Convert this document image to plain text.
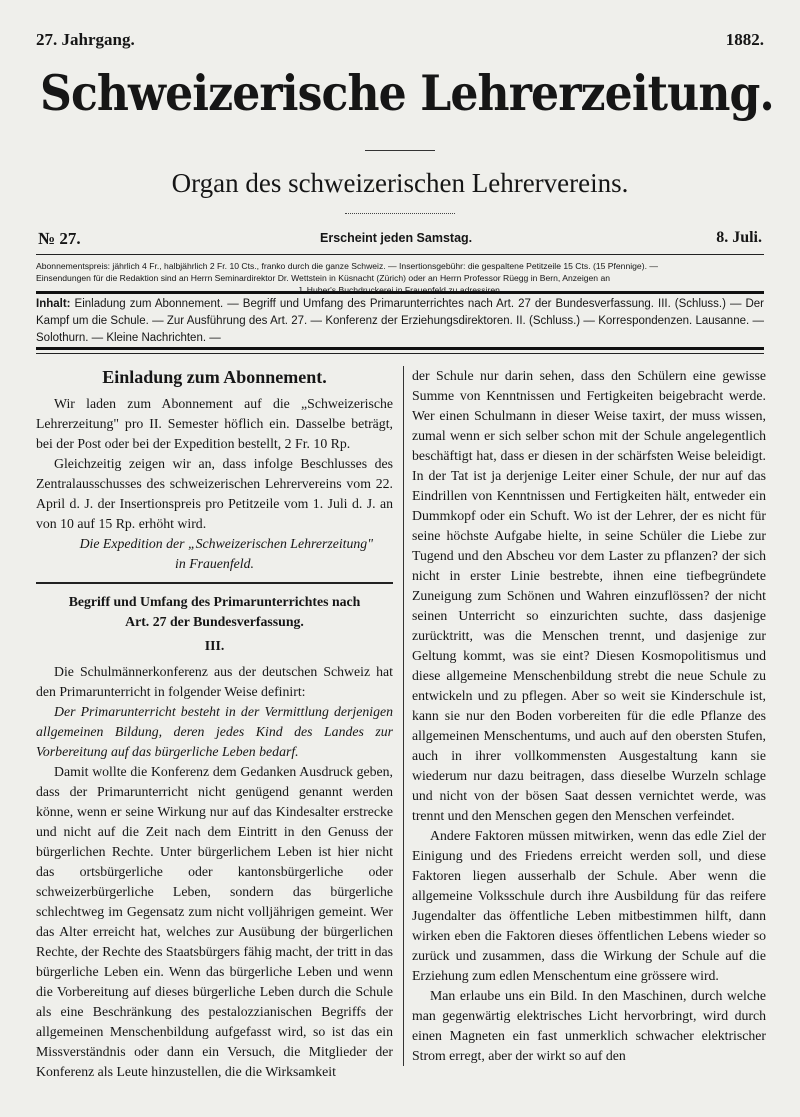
27. Jahrgang.	1882.
Schweizerische Lehrerzeitung.
Organ des schweizerischen Lehrervereins.
№ 27.	Erscheint jeden Samstag.	8. Juli.

Abonnementspreis: jährlich 4 Fr., halbjährlich 2 Fr. 10 Cts., franko durch die ganze Schweiz. — Insertionsgebühr: die gespaltene Petitzeile 15 Cts. (15 Pfennige). —

Einsendungen für die Redaktion sind an Herrn Seminardirektor Dr. Wettstein in Küsnacht (Zürich) oder an Herrn Professor Rüegg in Bern, Anzeigen an

J. Huber's Buchdruckerei in Frauenfeld zu adressiren.

Inhalt: Einladung zum Abonnement. — Begriff und Umfang des Primarunterrichtes nach Art. 27 der Bundesverfassung. III. (Schluss.) — Der Kampf um die Schule. — Zur Ausführung des Art. 27. — Konferenz der Erziehungsdirektoren. II. (Schluss.) — Korrespondenzen. Lausanne. — Solothurn. — Kleine Nachrichten. —
Einladung zum Abonnement.

Wir laden zum Abonnement auf die „Schweizerische Lehrerzeitung" pro II. Semester höflich ein. Dasselbe beträgt, bei der Post oder bei der Expedition bestellt, 2 Fr. 10 Rp.

Gleichzeitig zeigen wir an, dass infolge Beschlusses des Zentralausschusses des schweizerischen Lehrervereins vom 22. April d. J. der Insertionspreis pro Petitzeile vom 1. Juli d. J. an von 10 auf 15 Rp. erhöht wird.

Die Expedition der „Schweizerischen Lehrerzeitung"

in Frauenfeld.

Begriff und Umfang des Primarunterrichtes nach
Art. 27 der Bundesverfassung.
III.

Die Schulmännerkonferenz aus der deutschen Schweiz hat den Primarunterricht in folgender Weise definirt:

Der Primarunterricht besteht in der Vermittlung derjenigen allgemeinen Bildung, deren jedes Kind des Landes zur Vorbereitung auf das bürgerliche Leben bedarf.

Damit wollte die Konferenz dem Gedanken Ausdruck geben, dass der Primarunterricht nicht genügend genannt werden könne, wenn er seine Wirkung nur auf das Kindesalter erstrecke und nicht auf die Zeit nach dem Eintritt in den Genuss der bürgerlichen Rechte. Unter bürgerlichem Leben ist hier nicht das ortsbürgerliche oder kantonsbürgerliche oder schweizerbürgerliche Leben, sondern das bürgerliche schlechtweg im Gegensatz zum nicht volljährigen gemeint. Wer das Alter erreicht hat, welches zur Ausübung der bürgerlichen Rechte, der Rechte des Staatsbürgers fähig macht, der tritt in das bürgerliche Leben ein. Wenn das bürgerliche Leben und wenn die Vorbereitung auf dieses bürgerliche Leben durch die Schule als eine Beschränkung des pestalozzianischen Begriffs der allgemeinen Menschenbildung aufgefasst wird, so ist das ein Missverständnis oder dann ein Versuch, die Mitglieder der Konferenz als Leute hinzustellen, die die Wirksamkeit

der Schule nur darin sehen, dass den Schülern eine gewisse Summe von Kenntnissen und Fertigkeiten beigebracht werde. Wer einen Schulmann in dieser Weise taxirt, der muss wissen, zumal wenn er sich selber schon mit der Schule angelegentlich beschäftigt hat, dass er diesen in der schärfsten Weise beleidigt. In der Tat ist ja derjenige Leiter einer Schule, der nur auf das Eindrillen von Kenntnissen und Fertigkeiten hält, entweder ein Dummkopf oder ein Schuft. Wo ist der Lehrer, der es nicht für seine höchste Aufgabe hielte, in seine Schüler die Liebe zur Tugend und den Abscheu vor dem Laster zu pflanzen? der sich nicht in erster Linie bestrebte, ihnen eine tiefbegründete Zuneigung zum Schönen und Wahren einzuflössen? der nicht seinen Unterricht so einzurichten suchte, dass dasjenige zurücktritt, was die Menschen trennt, und dasjenige zur Geltung kommt, was sie eint? Diesen Kosmopolitismus und diese allgemeine Menschenbildung strebt die neue Schule zu entwickeln und zu pflegen. Aber so weit sie Kinderschule ist, kann sie nur den Boden vorbereiten für die edle Pflanze des allgemeinen Menschentums, und auch auf den obersten Stufen, auch in ihrer vollkommensten Ausgestaltung kann sie wiederum nur dazu beitragen, dass dieselbe Wurzeln schlage und nicht von der bösen Saat dessen vernichtet werde, was trennt und den Menschen gegen den Menschen verfeindet.

Andere Faktoren müssen mitwirken, wenn das edle Ziel der Einigung und des Friedens erreicht werden soll, und diese Faktoren liegen ausserhalb der Schule. Aber wenn die allgemeine Volksschule durch ihre Ausbildung für das reifere Jugendalter das öffentliche Leben mitbestimmen hilft, dann wirken eben die Faktoren dieses öffentlichen Lebens wieder so zurück und zusammen, dass die Wirkung der Schule auf die Erziehung zum edlen Menschentum eine grössere wird.

Man erlaube uns ein Bild. In den Maschinen, durch welche man gegenwärtig elektrisches Licht hervorbringt, wird durch einen Magneten ein fast unmerklich schwacher elektrischer Strom erregt, aber der wirkt so auf den
